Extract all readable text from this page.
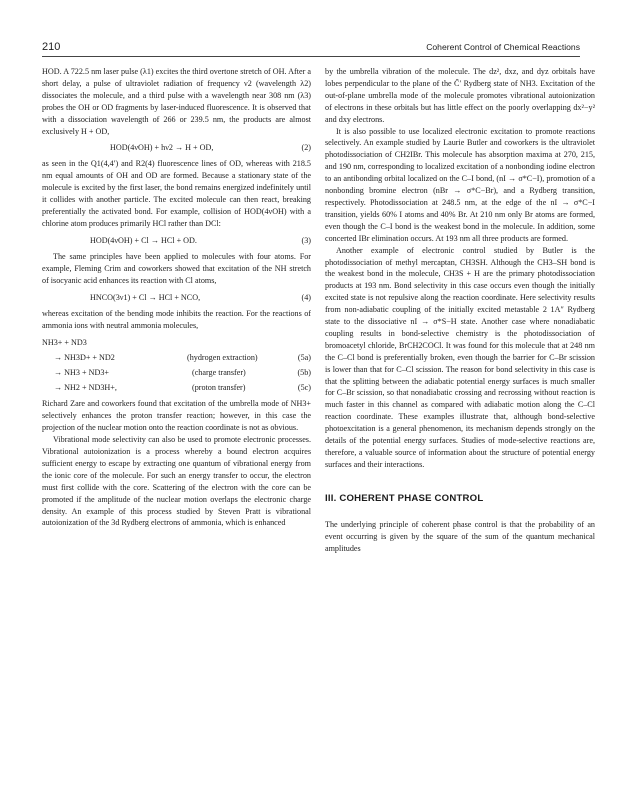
210	Coherent Control of Chemical Reactions

HOD. A 722.5 nm laser pulse (λ1) excites the third overtone stretch of OH. After a short delay, a pulse of ultraviolet radiation of frequency ν2 (wavelength λ2) dissociates the molecule, and a third pulse with a wavelength near 308 nm (λ3) probes the OH or OD fragments by laser-induced fluorescence. It is observed that with a dissociation wavelength of 266 or 239.5 nm, the products are almost exclusively H + OD,

HOD(4νOH) + hν2 → H + OD,	(2)

as seen in the Q1(4,4′) and R2(4) fluorescence lines of OD, whereas with 218.5 nm equal amounts of OH and OD are formed. Because a stationary state of the molecule is excited by the first laser, the bond remains energized indefinitely until it collides with another particle. The excited molecule can then react, breaking preferentially the activated bond. For example, collision of HOD(4νOH) with a chlorine atom produces primarily HCl rather than DCl:

HOD(4νOH) + Cl → HCl + OD.	(3)

The same principles have been applied to molecules with four atoms. For example, Fleming Crim and coworkers showed that excitation of the NH stretch of isocyanic acid enhances its reaction with Cl atoms,

HNCO(3ν1) + Cl → HCl + NCO,	(4)

whereas excitation of the bending mode inhibits the reaction. For the reactions of ammonia ions with neutral ammonia molecules,

NH3+ + ND3
→ NH3D+ + ND2	(hydrogen extraction)	(5a)
→ NH3 + ND3+	(charge transfer)	(5b)
→ NH2 + ND3H+,	(proton transfer)	(5c)

Richard Zare and coworkers found that excitation of the umbrella mode of NH3+ selectively enhances the proton transfer reaction; however, in this case the projection of the nuclear motion onto the reaction coordinate is not as obvious.

Vibrational mode selectivity can also be used to promote electronic processes. Vibrational autoionization is a process whereby a bound electron acquires sufficient energy to escape by extracting one quantum of vibrational energy from the ionic core of the molecule. For such an energy transfer to occur, the electron must first collide with the core. Scattering of the electron with the core can be promoted if the amplitude of the nuclear motion overlaps the electronic charge density. An example of this process studied by Steven Pratt is vibrational autoionization of the 3d Rydberg electrons of ammonia, which is enhanced

by the umbrella vibration of the molecule. The dz², dxz, and dyz orbitals have lobes perpendicular to the plane of the C̃′ Rydberg state of NH3. Excitation of the out-of-plane umbrella mode of the molecule promotes vibrational autoionization of electrons in these orbitals but has little effect on the poorly overlapping dx²−y² and dxy electrons.

It is also possible to use localized electronic excitation to promote reactions selectively. An example studied by Laurie Butler and coworkers is the ultraviolet photodissociation of CH2IBr. This molecule has absorption maxima at 270, 215, and 190 nm, corresponding to localized excitation of a nonbonding iodine electron to an antibonding orbital localized on the C–I bond, (nI → σ*C−I), promotion of a nonbonding bromine electron (nBr → σ*C−Br), and a Rydberg transition, respectively. Photodissociation at 248.5 nm, at the edge of the nI → σ*C−I transition, yields 60% I atoms and 40% Br. At 210 nm only Br atoms are formed, even though the C–I bond is the weakest bond in the molecule. In addition, some concerted IBr elimination occurs. At 193 nm all three products are formed.

Another example of electronic control studied by Butler is the photodissociation of methyl mercaptan, CH3SH. Although the CH3–SH bond is the weakest bond in the molecule, CH3S + H are the primary photodissociation products at 193 nm. Bond selectivity in this case occurs even though the initially excited state is not repulsive along the reaction coordinate. Here selectivity results from non-adiabatic coupling of the initially excited metastable 2 1A″ Rydberg state to the dissociative nI → σ*S−H state. Another case where nonadiabatic coupling results in bond-selective chemistry is the photodissociation of bromoacetyl chloride, BrCH2COCl. It was found for this molecule that at 248 nm the C–Cl bond is preferentially broken, even though the barrier for C–Br scission is lower than that for C–Cl scission. The reason for bond selectivity in this case is that the splitting between the adiabatic potential energy surfaces is much smaller for C–Br scission, so that nonadiabatic crossing and recrossing without reaction is much faster in this channel as compared with adiabatic motion along the C–Cl reaction coordinate. These examples illustrate that, although bond-selective photoexcitation is a general phenomenon, its mechanism depends strongly on the details of the potential energy surfaces. Studies of mode-selective reactions are, therefore, a valuable source of information about the structure of potential energy surfaces and their interactions.

III. COHERENT PHASE CONTROL

The underlying principle of coherent phase control is that the probability of an event occurring is given by the square of the sum of the quantum mechanical amplitudes
